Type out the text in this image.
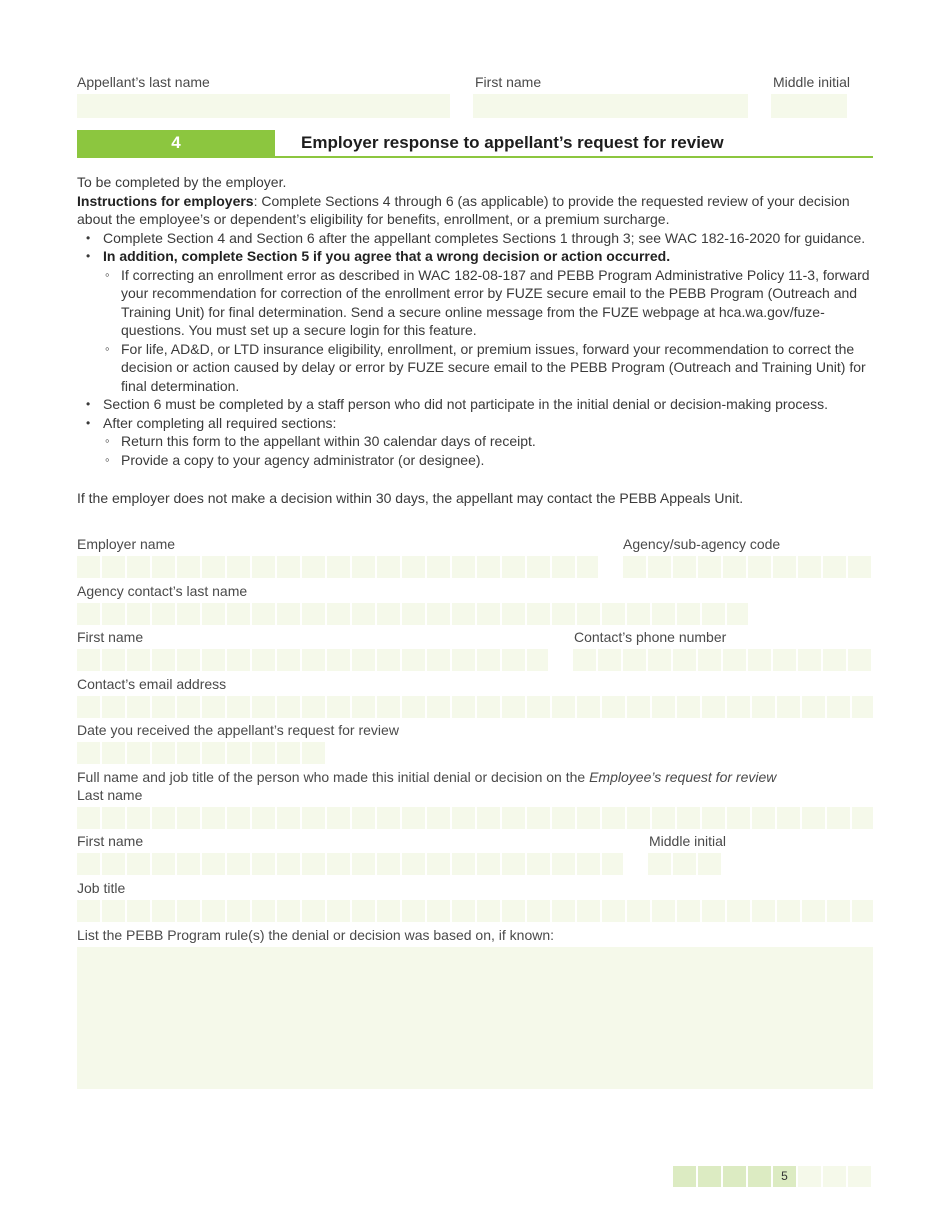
Appellant’s last name	First name	Middle initial
4	Employer response to appellant’s request for review

To be completed by the employer.

Instructions for employers: Complete Sections 4 through 6 (as applicable) to provide the requested review of your decision about the employee’s or dependent’s eligibility for benefits, enrollment, or a premium surcharge.

• Complete Section 4 and Section 6 after the appellant completes Sections 1 through 3; see WAC 182-16-2020 for guidance.
• In addition, complete Section 5 if you agree that a wrong decision or action occurred.
◦ If correcting an enrollment error as described in WAC 182-08-187 and PEBB Program Administrative Policy 11-3, forward your recommendation for correction of the enrollment error by FUZE secure email to the PEBB Program (Outreach and Training Unit) for final determination. Send a secure online message from the FUZE webpage at hca.wa.gov/fuze-questions. You must set up a secure login for this feature.
◦ For life, AD&D, or LTD insurance eligibility, enrollment, or premium issues, forward your recommendation to correct the decision or action caused by delay or error by FUZE secure email to the PEBB Program (Outreach and Training Unit) for final determination.
• Section 6 must be completed by a staff person who did not participate in the initial denial or decision-making process.
• After completing all required sections:
◦ Return this form to the appellant within 30 calendar days of receipt.
◦ Provide a copy to your agency administrator (or designee).
If the employer does not make a decision within 30 days, the appellant may contact the PEBB Appeals Unit.
Employer name	Agency/sub-agency code
Agency contact’s last name
First name	Contact’s phone number
Contact’s email address
Date you received the appellant’s request for review
Full name and job title of the person who made this initial denial or decision on the Employee’s request for review
Last name
First name	Middle initial
Job title
List the PEBB Program rule(s) the denial or decision was based on, if known:
5
